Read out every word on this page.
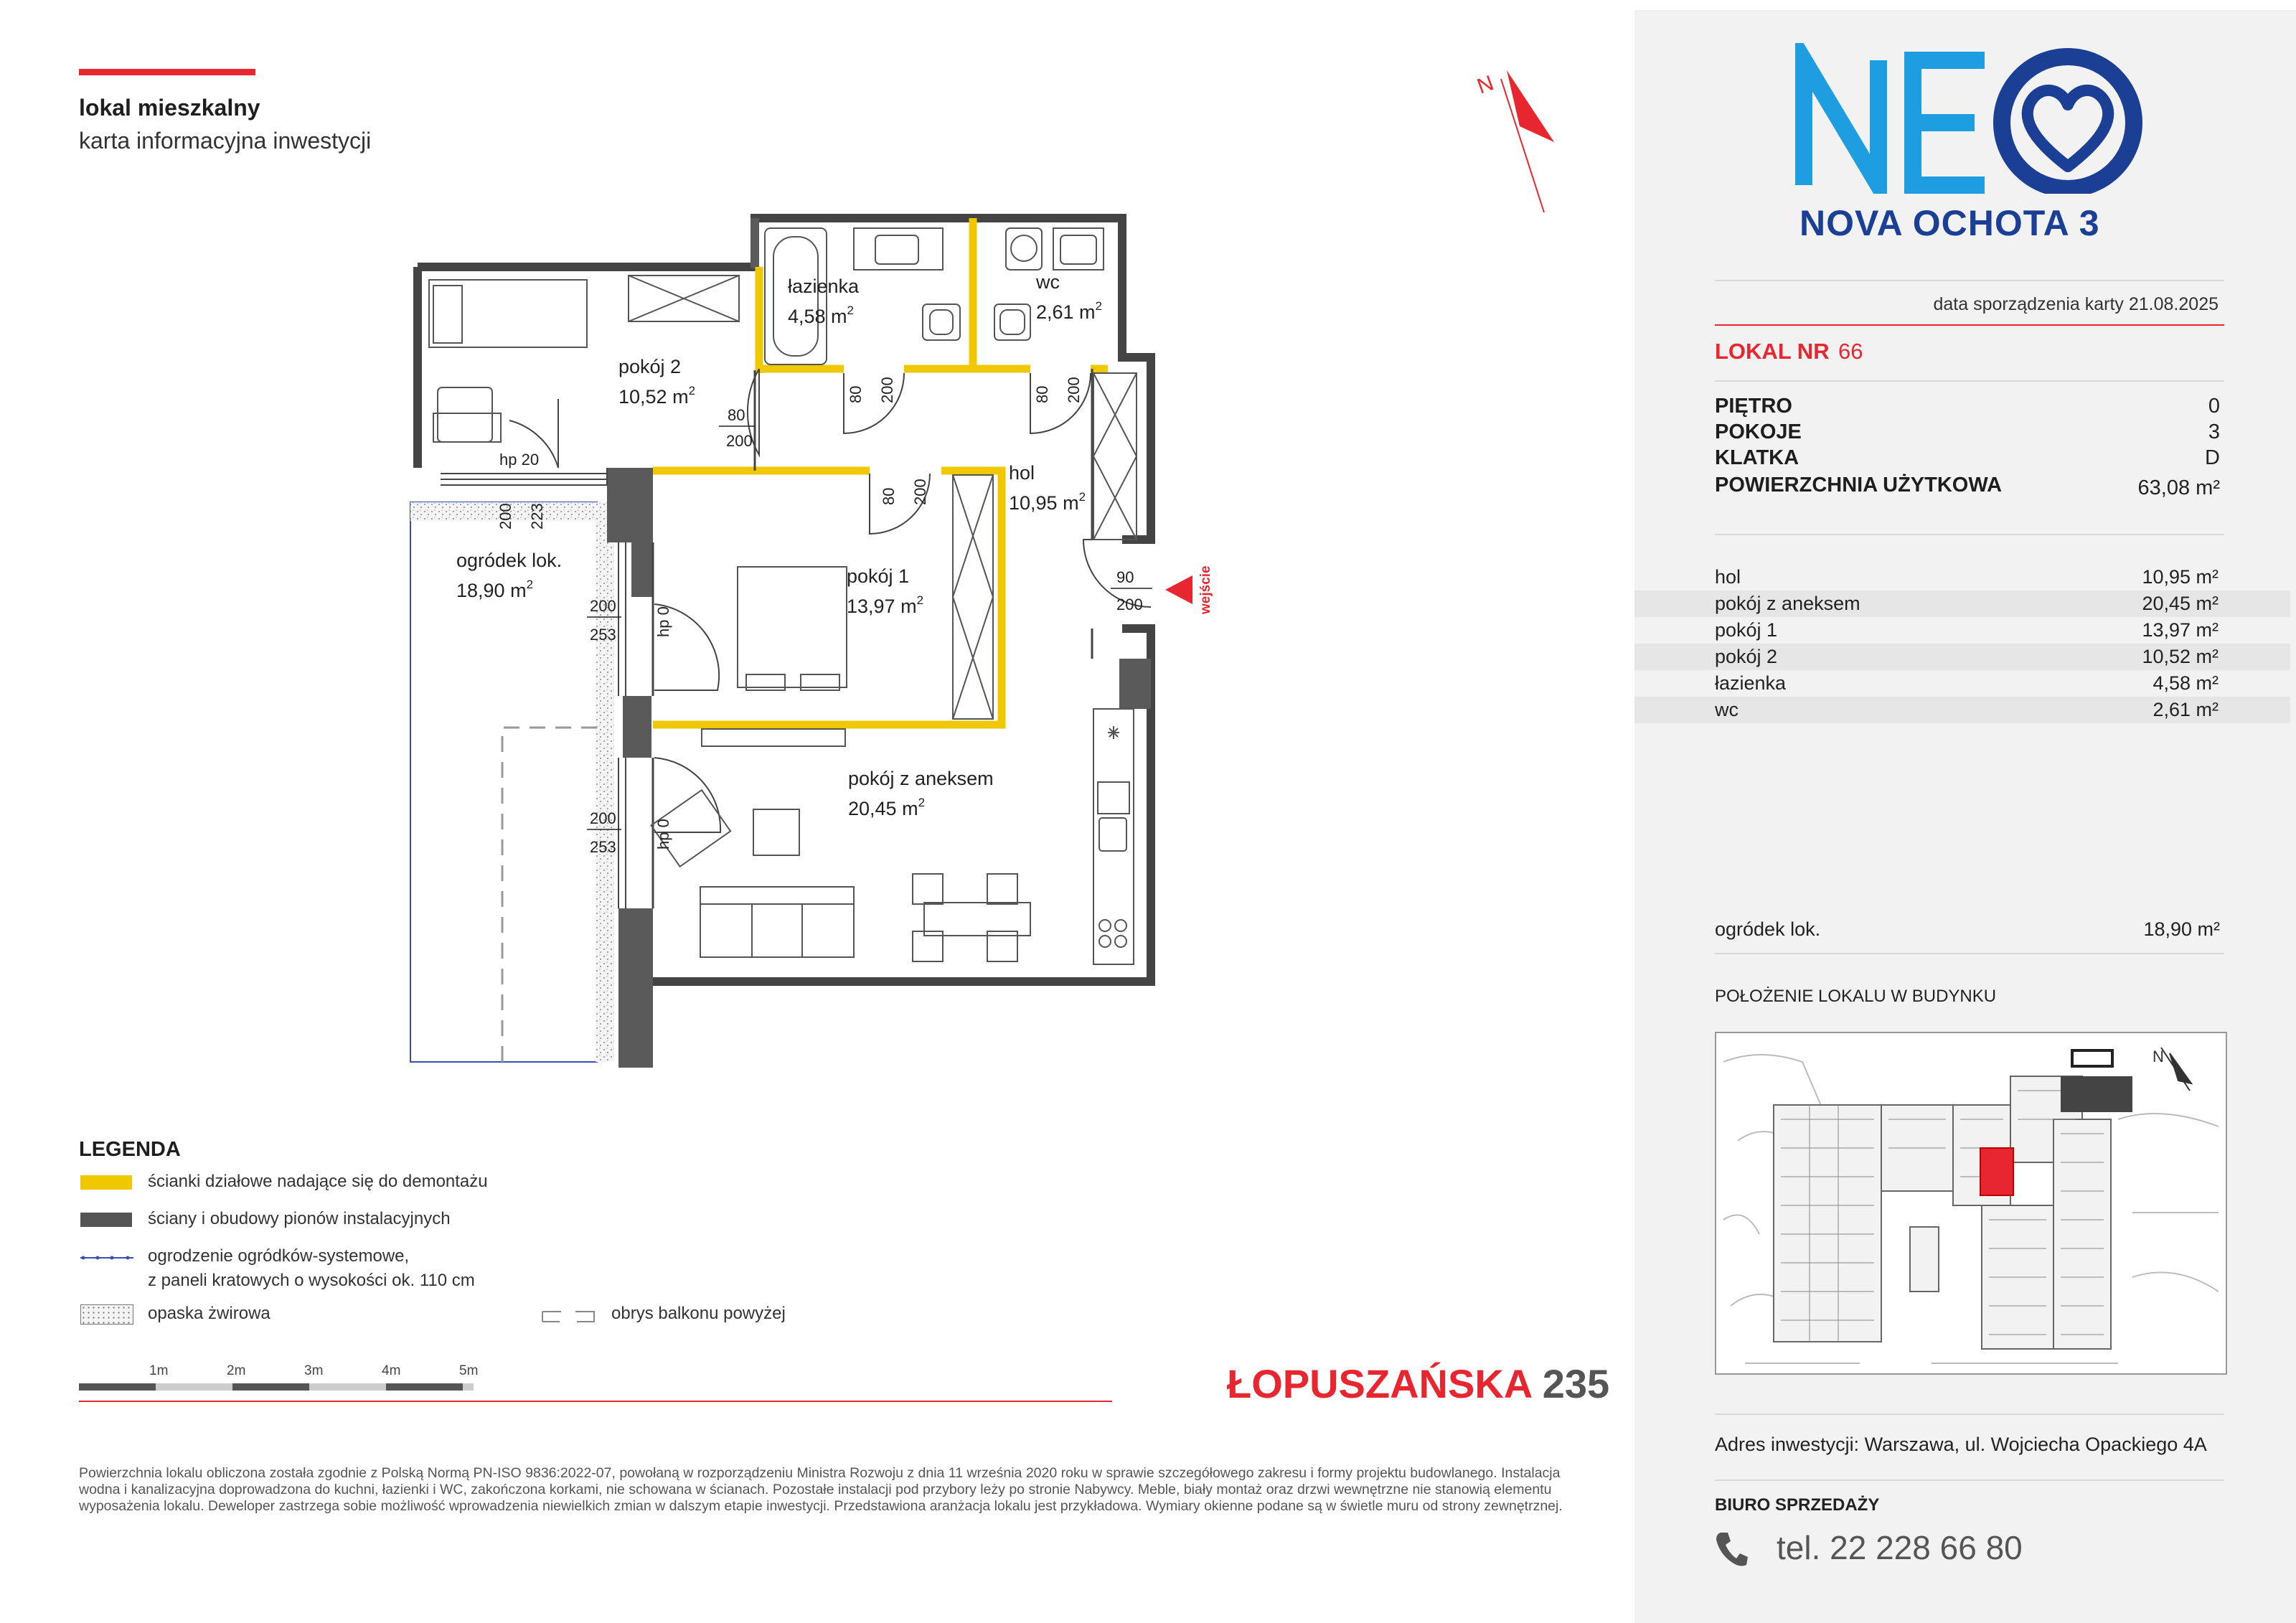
lokal mieszkalny
karta informacyjna inwestycji
N
pokój 2
10,52 $m^2$
łazienka
4,58 $m^2$
wc
2,61 $m^2$
hol
10,95 $m^2$
pokój 1
13,97 $m^2$
pokój z aneksem
20,45 $m^2$
ogródek lok.
18,90 $m^2$
80
200
80 200	80 200
80 200
90
200
hp 20
200 223
200
253 hp 0
200
253 hp 0
wejście
LEGENDA
ścianki działowe nadające się do demontażu
ściany i obudowy pionów instalacyjnych
ogrodzenie ogródków-systemowe,
z paneli kratowych o wysokości ok. 110 cm
opaska żwirowa	obrys balkonu powyżej
1m	2m	3m	4m	5m	ŁOPUSZAŃSKA 235
Powierzchnia lokalu obliczona została zgodnie z Polską Normą PN-ISO 9836:2022-07, powołaną w rozporządzeniu Ministra Rozwoju z dnia 11 września 2020 roku w sprawie szczegółowego zakresu i formy projektu budowlanego. Instalacja wodna i kanalizacyjna doprowadzona do kuchni, łazienki i WC, zakończona korkami, nie schowana w ścianach. Pozostałe instalacji pod przybory leży po stronie Nabywcy. Meble, biały montaż oraz drzwi wewnętrzne nie stanowią elementu wyposażenia lokalu. Deweloper zastrzega sobie możliwość wprowadzenia niewielkich zmian w dalszym etapie inwestycji. Przedstawiona aranżacja lokalu jest przykładowa. Wymiary okienne podane są w świetle muru od strony zewnętrznej.
NOVA OCHOTA 3
data sporządzenia karty 21.08.2025
LOKAL NR 66
PIĘTRO	0
POKOJE	3
KLATKA	D
POWIERZCHNIA UŻYTKOWA	63,08 m²
hol	10,95 m²
pokój z aneksem	20,45 m²
pokój 1	13,97 m²
pokój 2	10,52 m²
łazienka	4,58 m²
wc	2,61 m²
ogródek lok.	18,90 m²
POŁOŻENIE LOKALU W BUDYNKU
N
Adres inwestycji: Warszawa, ul. Wojciecha Opackiego 4A
BIURO SPRZEDAŻY
tel. 22 228 66 80
